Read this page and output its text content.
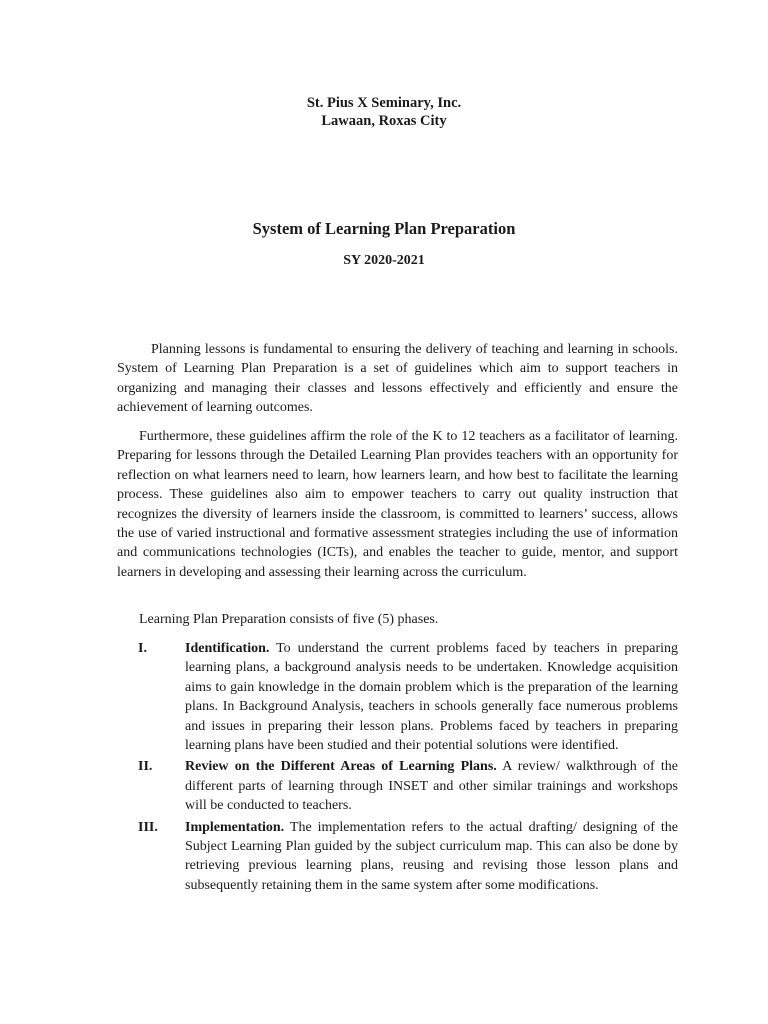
St. Pius X Seminary, Inc.
Lawaan, Roxas City
System of Learning Plan Preparation
SY 2020-2021

Planning lessons is fundamental to ensuring the delivery of teaching and learning in schools. System of Learning Plan Preparation is a set of guidelines which aim to support teachers in organizing and managing their classes and lessons effectively and efficiently and ensure the achievement of learning outcomes.

Furthermore, these guidelines affirm the role of the K to 12 teachers as a facilitator of learning. Preparing for lessons through the Detailed Learning Plan provides teachers with an opportunity for reflection on what learners need to learn, how learners learn, and how best to facilitate the learning process. These guidelines also aim to empower teachers to carry out quality instruction that recognizes the diversity of learners inside the classroom, is committed to learners’ success, allows the use of varied instructional and formative assessment strategies including the use of information and communications technologies (ICTs), and enables the teacher to guide, mentor, and support learners in developing and assessing their learning across the curriculum.

Learning Plan Preparation consists of five (5) phases.

I.	Identification. To understand the current problems faced by teachers in preparing learning plans, a background analysis needs to be undertaken. Knowledge acquisition aims to gain knowledge in the domain problem which is the preparation of the learning plans. In Background Analysis, teachers in schools generally face numerous problems and issues in preparing their lesson plans. Problems faced by teachers in preparing learning plans have been studied and their potential solutions were identified.
II.	Review on the Different Areas of Learning Plans. A review/ walkthrough of the different parts of learning through INSET and other similar trainings and workshops will be conducted to teachers.
III.	Implementation. The implementation refers to the actual drafting/ designing of the Subject Learning Plan guided by the subject curriculum map. This can also be done by retrieving previous learning plans, reusing and revising those lesson plans and subsequently retaining them in the same system after some modifications.
